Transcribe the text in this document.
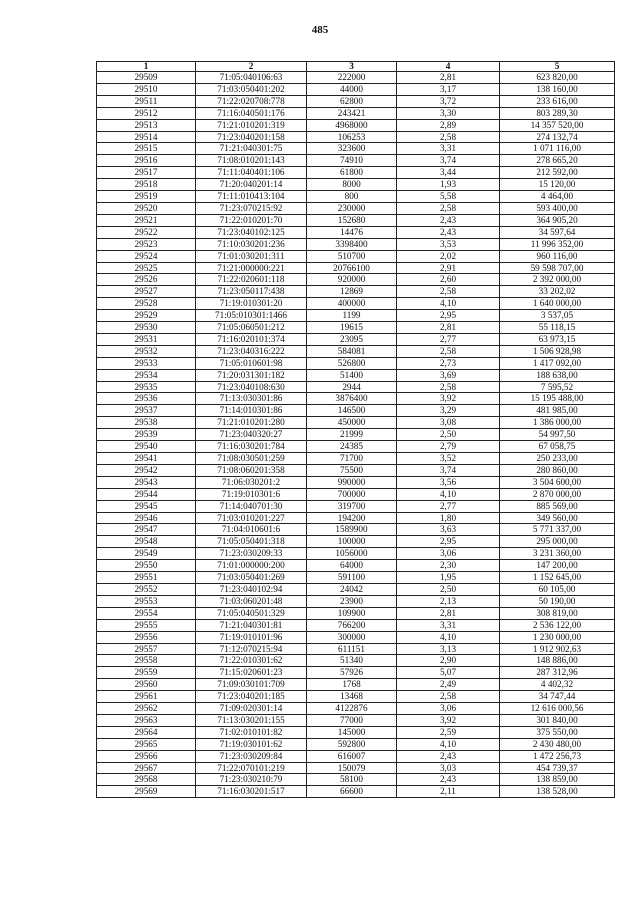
485
1	2	3	4	5
29509	71:05:040106:63	222000	2,81	623 820,00
29510	71:03:050401:202	44000	3,17	138 160,00
29511	71:22:020708:778	62800	3,72	233 616,00
29512	71:16:040501:176	243421	3,30	803 289,30
29513	71:21:010201:319	4968000	2,89	14 357 520,00
29514	71:23:040201:158	106253	2,58	274 132,74
29515	71:21:040301:75	323600	3,31	1 071 116,00
29516	71:08:010201:143	74910	3,74	278 665,20
29517	71:11:040401:106	61800	3,44	212 592,00
29518	71:20:040201:14	8000	1,93	15 120,00
29519	71:11:010413:104	800	5,58	4 464,00
29520	71:23:070215:92	230000	2,58	593 400,00
29521	71:22:010201:70	152680	2,43	364 905,20
29522	71:23:040102:125	14476	2,43	34 597,64
29523	71:10:030201:236	3398400	3,53	11 996 352,00
29524	71:01:030201:311	510700	2,02	960 116,00
29525	71:21:000000:221	20766100	2,91	59 598 707,00
29526	71:22:020601:118	920000	2,60	2 392 000,00
29527	71:23:050117:438	12869	2,58	33 202,02
29528	71:19:010301:20	400000	4,10	1 640 000,00
29529	71:05:010301:1466	1199	2,95	3 537,05
29530	71:05:060501:212	19615	2,81	55 118,15
29531	71:16:020101:374	23095	2,77	63 973,15
29532	71:23:040316:222	584081	2,58	1 506 928,98
29533	71:05:010601:98	526800	2,73	1 417 092,00
29534	71:20:031301:182	51400	3,69	188 638,00
29535	71:23:040108:630	2944	2,58	7 595,52
29536	71:13:030301:86	3876400	3,92	15 195 488,00
29537	71:14:010301:86	146500	3,29	481 985,00
29538	71:21:010201:280	450000	3,08	1 386 000,00
29539	71:23:040320:27	21999	2,50	54 997,50
29540	71:16:030201:784	24385	2,79	67 058,75
29541	71:08:030501:259	71700	3,52	250 233,00
29542	71:08:060201:358	75500	3,74	280 860,00
29543	71:06:030201:2	990000	3,56	3 504 600,00
29544	71:19:010301:6	700000	4,10	2 870 000,00
29545	71:14:040701:30	319700	2,77	885 569,00
29546	71:03:010201:227	194200	1,80	349 560,00
29547	71:04:010601:6	1589900	3,63	5 771 337,00
29548	71:05:050401:318	100000	2,95	295 000,00
29549	71:23:030209:33	1056000	3,06	3 231 360,00
29550	71:01:000000:200	64000	2,30	147 200,00
29551	71:03:050401:269	591100	1,95	1 152 645,00
29552	71:23:040102:94	24042	2,50	60 105,00
29553	71:03:060201:48	23900	2,13	50 190,00
29554	71:05:040501:329	109900	2,81	308 819,00
29555	71:21:040301:81	766200	3,31	2 536 122,00
29556	71:19:010101:96	300000	4,10	1 230 000,00
29557	71:12:070215:94	611151	3,13	1 912 902,63
29558	71:22:010301:62	51340	2,90	148 886,00
29559	71:15:020601:23	57926	5,07	287 312,96
29560	71:09:030101:709	1768	2,49	4 402,32
29561	71:23:040201:185	13468	2,58	34 747,44
29562	71:09:020301:14	4122876	3,06	12 616 000,56
29563	71:13:030201:155	77000	3,92	301 840,00
29564	71:02:010101:82	145000	2,59	375 550,00
29565	71:19:030101:62	592800	4,10	2 430 480,00
29566	71:23:030209:84	616007	2,43	1 472 256,73
29567	71:22:070101:219	150079	3,03	454 739,37
29568	71:23:030210:79	58100	2,43	138 859,00
29569	71:16:030201:517	66600	2,11	138 528,00
